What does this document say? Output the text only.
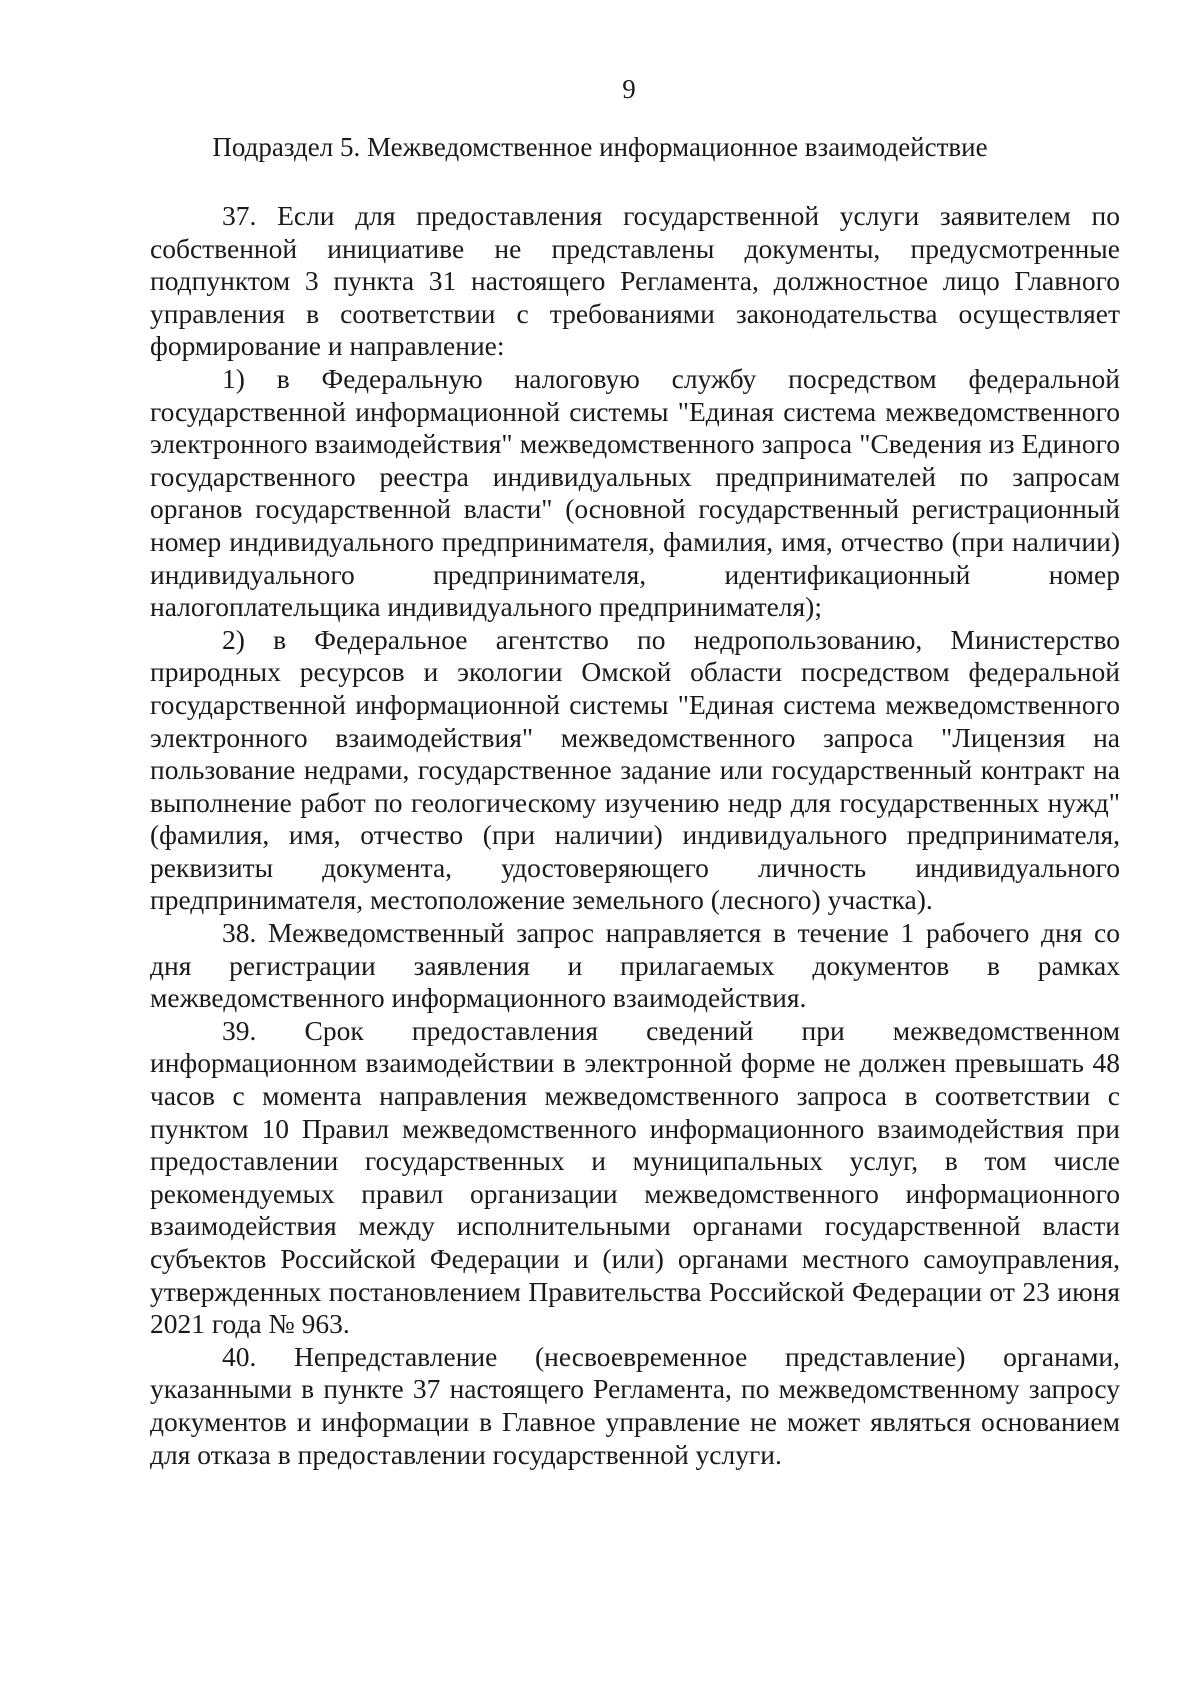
9
Подраздел 5. Межведомственное информационное взаимодействие

37. Если для предоставления государственной услуги заявителем по собственной инициативе не представлены документы, предусмотренные подпунктом 3 пункта 31 настоящего Регламента, должностное лицо Главного управления в соответствии с требованиями законодательства осуществляет формирование и направление:

1) в Федеральную налоговую службу посредством федеральной государственной информационной системы "Единая система межведомственного электронного взаимодействия" межведомственного запроса "Сведения из Единого государственного реестра индивидуальных предпринимателей по запросам органов государственной власти" (основной государственный регистрационный номер индивидуального предпринимателя, фамилия, имя, отчество (при наличии) индивидуального предпринимателя, идентификационный номер налогоплательщика индивидуального предпринимателя);

2) в Федеральное агентство по недропользованию, Министерство природных ресурсов и экологии Омской области посредством федеральной государственной информационной системы "Единая система межведомственного электронного взаимодействия" межведомственного запроса "Лицензия на пользование недрами, государственное задание или государственный контракт на выполнение работ по геологическому изучению недр для государственных нужд" (фамилия, имя, отчество (при наличии) индивидуального предпринимателя, реквизиты документа, удостоверяющего личность индивидуального предпринимателя, местоположение земельного (лесного) участка).

38. Межведомственный запрос направляется в течение 1 рабочего дня со дня регистрации заявления и прилагаемых документов в рамках межведомственного информационного взаимодействия.

39. Срок предоставления сведений при межведомственном информационном взаимодействии в электронной форме не должен превышать 48 часов с момента направления межведомственного запроса в соответствии с пунктом 10 Правил межведомственного информационного взаимодействия при предоставлении государственных и муниципальных услуг, в том числе рекомендуемых правил организации межведомственного информационного взаимодействия между исполнительными органами государственной власти субъектов Российской Федерации и (или) органами местного самоуправления, утвержденных постановлением Правительства Российской Федерации от 23 июня 2021 года № 963.

40. Непредставление (несвоевременное представление) органами, указанными в пункте 37 настоящего Регламента, по межведомственному запросу документов и информации в Главное управление не может являться основанием для отказа в предоставлении государственной услуги.
